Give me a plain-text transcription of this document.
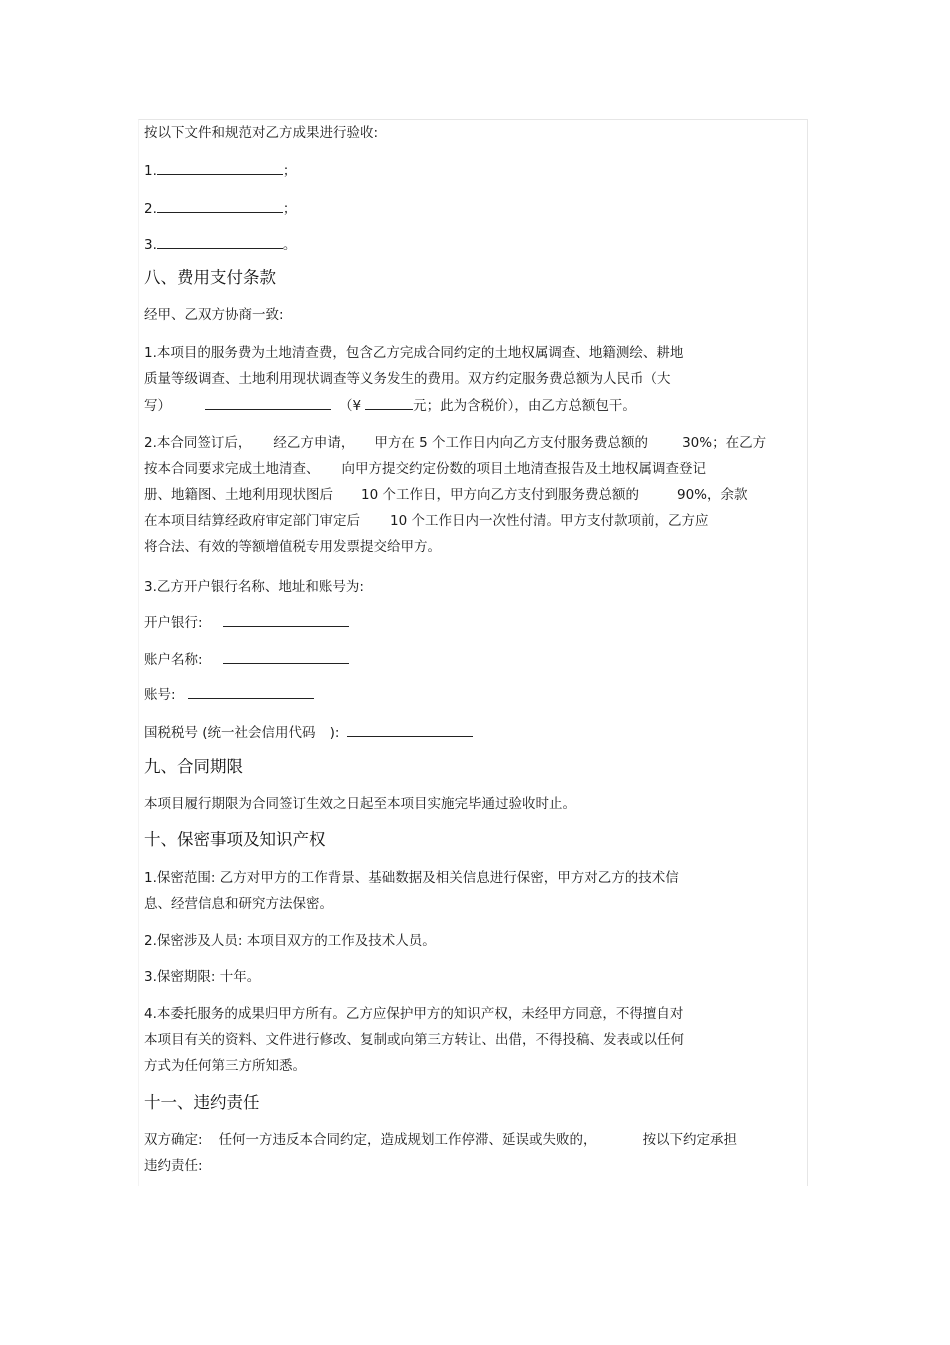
按以下文件和规范对乙方成果进行验收:
1.	；
2.	；
3.	。
八、费用支付条款
经甲、乙双方协商一致:
1.本项目的服务费为土地清查费，包含乙方完成合同约定的土地权属调查、地籍测绘、耕地
质量等级调查、土地利用现状调查等义务发生的费用。双方约定服务费总额为人民币（大
写）	（¥	元；此为含税价），由乙方总额包干。
2.本合同签订后， 经乙方申请， 甲方在 5 个工作日内向乙方支付服务费总额的	30%；在乙方
按本合同要求完成土地清查、 向甲方提交约定份数的项目土地清查报告及土地权属调查登记
册、地籍图、土地利用现状图后 10 个工作日，甲方向乙方支付到服务费总额的	90%，余款
在本项目结算经政府审定部门审定后 10 个工作日内一次性付清。甲方支付款项前，乙方应
将合法、有效的等额增值税专用发票提交给甲方。
3.乙方开户银行名称、地址和账号为:
开户银行:
账户名称:
账号:
国税税号 (统一社会信用代码 ):
九、合同期限
本项目履行期限为合同签订生效之日起至本项目实施完毕通过验收时止。
十、保密事项及知识产权
1.保密范围: 乙方对甲方的工作背景、基础数据及相关信息进行保密，甲方对乙方的技术信
息、经营信息和研究方法保密。
2.保密涉及人员: 本项目双方的工作及技术人员。
3.保密期限: 十年。
4.本委托服务的成果归甲方所有。乙方应保护甲方的知识产权，未经甲方同意，不得擅自对
本项目有关的资料、文件进行修改、复制或向第三方转让、出借，不得投稿、发表或以任何
方式为任何第三方所知悉。
十一、违约责任
双方确定: 任何一方违反本合同约定，造成规划工作停滞、延误或失败的，	按以下约定承担
违约责任:
